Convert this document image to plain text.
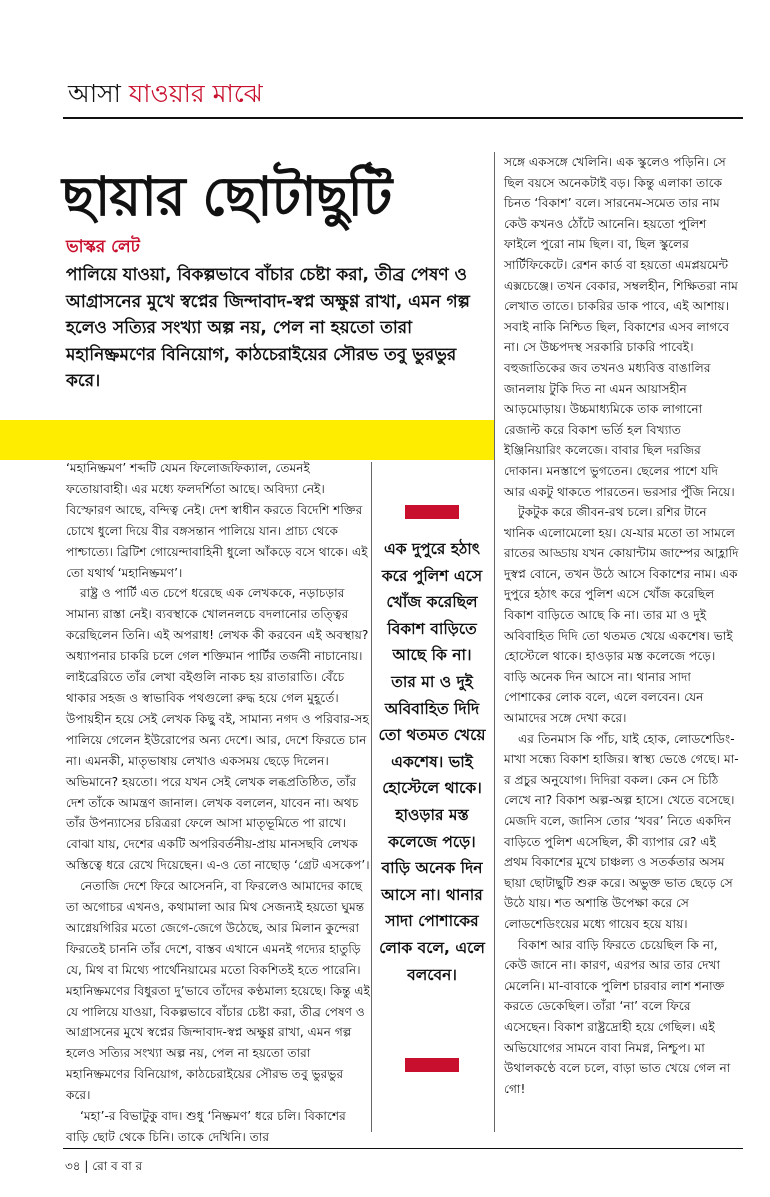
আসা যাওয়ার মাঝে
ছায়ার ছোটাছুটি
ভাস্কর লেট
পালিয়ে যাওয়া, বিকল্পভাবে বাঁচার চেষ্টা করা, তীব্র পেষণ ও আগ্রাসনের মুখে স্বপ্নের জিন্দাবাদ-স্বপ্ন অক্ষুণ্ণ রাখা, এমন গল্প হলেও সত্যির সংখ্যা অল্প নয়, পেল না হয়তো তারা মহানিষ্ক্রমণের বিনিয়োগ, কাঠচেরাইয়ের সৌরভ তবু ভুরভুর করে।

সঙ্গে একসঙ্গে খেলিনি। এক স্কুলেও পড়িনি। সে ছিল বয়সে অনেকটাই বড়। কিন্তু এলাকা তাকে চিনত ‘বিকাশ’ বলে। সারনেম-সমেত তার নাম কেউ কখনও ঠোঁটে আনেনি। হয়তো পুলিশ ফাইলে পুরো নাম ছিল। বা, ছিল স্কুলের সার্টিফিকেটে। রেশন কার্ড বা হয়তো এমপ্লয়মেন্ট এক্সচেঞ্জে। তখন বেকার, সম্বলহীন, শিক্ষিতরা নাম লেখাত তাতে। চাকরির ডাক পাবে, এই আশায়। সবাই নাকি নিশ্চিত ছিল, বিকাশের এসব লাগবে না। সে উচ্চপদস্থ সরকারি চাকরি পাবেই। বহুজাতিকের জব তখনও মধ্যবিত্ত বাঙালির জানলায় টুকি দিত না এমন আয়াসহীন আড়মোড়ায়। উচ্চমাধ্যমিকে তাক লাগানো রেজাল্ট করে বিকাশ ভর্তি হল বিখ্যাত ইঞ্জিনিয়ারিং কলেজে। বাবার ছিল দরজির দোকান। মনস্তাপে ভুগতেন। ছেলের পাশে যদি আর একটু থাকতে পারতেন। ভরসার পুঁজি নিয়ে।

টুকটুক করে জীবন-রথ চলে। রশির টানে খানিক এলোমেলো হয়। যে-যার মতো তা সামলে রাতের আড্ডায় যখন কোয়ান্টাম জাম্পের আহ্লাদি দুস্বপ্ন বোনে, তখন উঠে আসে বিকাশের নাম। এক দুপুরে হঠাৎ করে পুলিশ এসে খোঁজ করেছিল বিকাশ বাড়িতে আছে কি না। তার মা ও দুই অবিবাহিত দিদি তো থতমত খেয়ে একশেষ। ভাই হোস্টেলে থাকে। হাওড়ার মস্ত কলেজে পড়ে। বাড়ি অনেক দিন আসে না। থানার সাদা পোশাকের লোক বলে, এলে বলবেন। যেন আমাদের সঙ্গে দেখা করে।

এর তিনমাস কি পাঁচ, যাই হোক, লোডশেডিং-মাখা সন্ধ্যে বিকাশ হাজির। স্বাস্থ্য ভেঙে গেছে। মা-র প্রচুর অনুযোগ। দিদিরা বকল। কেন সে চিঠি লেখে না? বিকাশ অল্প-অল্প হাসে। খেতে বসেছে। মেজদি বলে, জানিস তোর ‘খবর’ নিতে একদিন বাড়িতে পুলিশ এসেছিল, কী ব্যাপার রে? এই প্রথম বিকাশের মুখে চাঞ্চল্য ও সতর্কতার অসম ছায়া ছোটাছুটি শুরু করে। অভুক্ত ভাত ছেড়ে সে উঠে যায়। শত অশান্তি উপেক্ষা করে সে লোডশেডিংয়ের মধ্যে গায়েব হয়ে যায়।

বিকাশ আর বাড়ি ফিরতে চেয়েছিল কি না, কেউ জানে না। কারণ, এরপর আর তার দেখা মেলেনি। মা-বাবাকে পুলিশ চারবার লাশ শনাক্ত করতে ডেকেছিল। তাঁরা ‘না’ বলে ফিরে এসেছেন। বিকাশ রাষ্ট্রদ্রোহী হয়ে গেছিল। এই অভিযোগের সামনে বাবা নিমগ্ন, নিশ্চুপ। মা উথালকণ্ঠে বলে চলে, বাড়া ভাত খেয়ে গেল না গো!

‘মহানিষ্ক্রমণ’ শব্দটি যেমন ফিলোজফিক্যাল, তেমনই ফতোয়াবাহী। এর মধ্যে ফলদর্শিতা আছে। অবিদ্যা নেই। বিস্ফোরণ আছে, বন্দিত্ব নেই। দেশ স্বাধীন করতে বিদেশি শক্তির চোখে ধুলো দিয়ে বীর বঙ্গসন্তান পালিয়ে যান। প্রাচ্য থেকে পাশ্চাত্যে। ব্রিটিশ গোয়েন্দাবাহিনী ধুলো আঁকড়ে বসে থাকে। এই তো যথার্থ ‘মহানিষ্ক্রমণ’।

রাষ্ট্র ও পার্টি এত চেপে ধরেছে এক লেখককে, নড়াচড়ার সামান্য রাস্তা নেই। ব্যবস্থাকে খোলনলচে বদলানোর তত্ত্বির করেছিলেন তিনি। এই অপরাধ! লেখক কী করবেন এই অবস্থায়? অধ্যাপনার চাকরি চলে গেল শক্তিমান পার্টির তর্জনী নাচানোয়। লাইব্রেরিতে তাঁর লেখা বইগুলি নাকচ হয় রাতারাতি। বেঁচে থাকার সহজ ও স্বাভাবিক পথগুলো রুদ্ধ হয়ে গেল মুহূর্তে। উপায়হীন হয়ে সেই লেখক কিছু বই, সামান্য নগদ ও পরিবার-সহ পালিয়ে গেলেন ইউরোপের অন্য দেশে। আর, দেশে ফিরতে চান না। এমনকী, মাতৃভাষায় লেখাও একসময় ছেড়ে দিলেন। অভিমানে? হয়তো। পরে যখন সেই লেখক লব্ধপ্রতিষ্ঠিত, তাঁর দেশ তাঁকে আমন্ত্রণ জানাল। লেখক বললেন, যাবেন না। অথচ তাঁর উপন্যাসের চরিত্ররা ফেলে আসা মাতৃভূমিতে পা রাখে। বোঝা যায়, দেশের একটি অপরিবর্তনীয়-প্রায় মানসছবি লেখক অস্তিত্বে ধরে রেখে দিয়েছেন। এ-ও তো নাছোড় ‘গ্রেট এসকেপ’।

নেতাজি দেশে ফিরে আসেননি, বা ফিরলেও আমাদের কাছে তা অগোচর এখনও, কথামালা আর মিথ সেজন্যই হয়তো ঘুমন্ত আগ্নেয়গিরির মতো জেগে-জেগে উঠেছে, আর মিলান কুন্দেরা ফিরতেই চাননি তাঁর দেশে, বাস্তব এখানে এমনই গদ্যের হাতুড়ি যে, মিথ বা মিথ্যে পার্থেনিয়ামের মতো বিকশিতই হতে পারেনি। মহানিষ্ক্রমণের বিধুরতা দু’ভাবে তাঁদের কণ্ঠমাল্য হয়েছে। কিন্তু এই যে পালিয়ে যাওয়া, বিকল্পভাবে বাঁচার চেষ্টা করা, তীব্র পেষণ ও আগ্রাসনের মুখে স্বপ্নের জিন্দাবাদ-স্বপ্ন অক্ষুণ্ণ রাখা, এমন গল্প হলেও সত্যির সংখ্যা অল্প নয়, পেল না হয়তো তারা মহানিষ্ক্রমণের বিনিয়োগ, কাঠচেরাইয়ের সৌরভ তবু ভুরভুর করে।

‘মহা’-র বিভাটুকু বাদ। শুধু ‘নিষ্ক্রমণ’ ধরে চলি। বিকাশের বাড়ি ছোট থেকে চিনি। তাকে দেখিনি। তার

এক দুপুরে হঠাৎ করে পুলিশ এসে খোঁজ করেছিল বিকাশ বাড়িতে আছে কি না। তার মা ও দুই অবিবাহিত দিদি তো থতমত খেয়ে একশেষ। ভাই হোস্টেলে থাকে। হাওড়ার মস্ত কলেজে পড়ে। বাড়ি অনেক দিন আসে না। থানার সাদা পোশাকের লোক বলে, এলে বলবেন।
৩৪ | রো ব বা র
